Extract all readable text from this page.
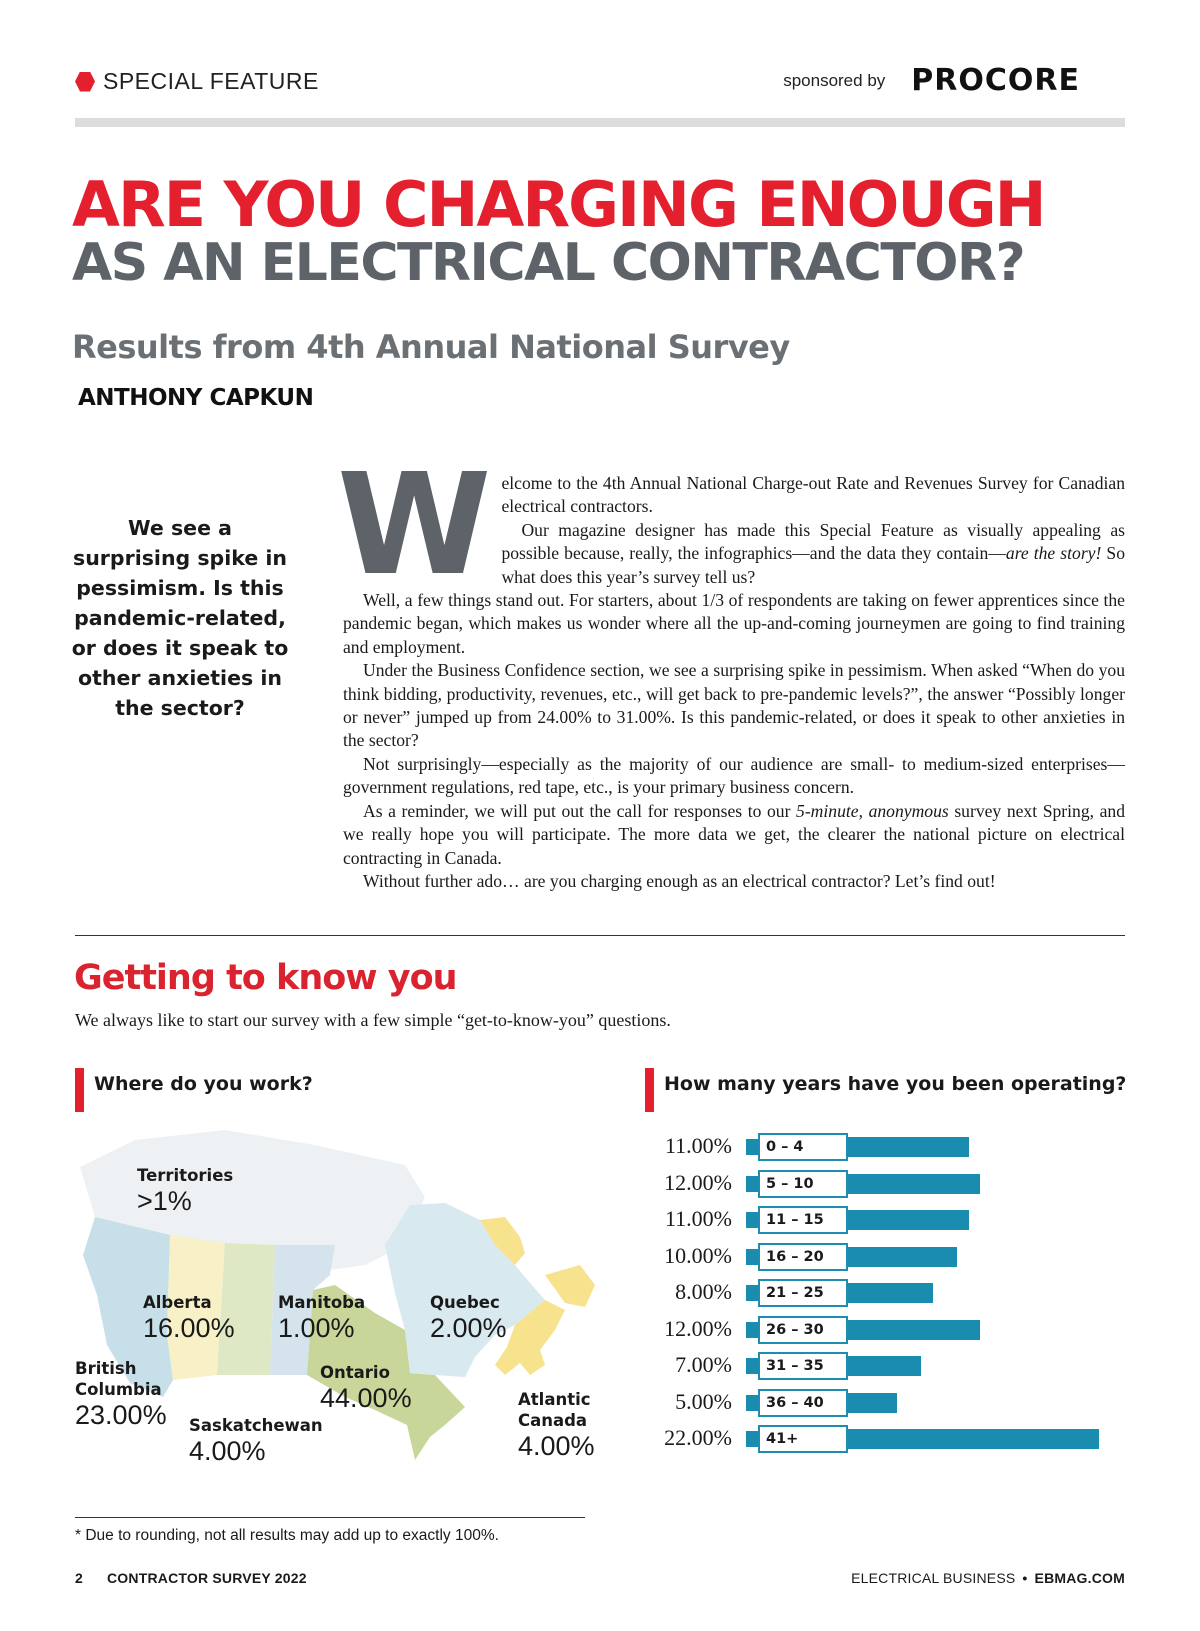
SPECIAL FEATURE	sponsored by PROCORE
ARE YOU CHARGING ENOUGH
AS AN ELECTRICAL CONTRACTOR?
Results from 4th Annual National Survey
ANTHONY CAPKUN
We see a surprising spike in pessimism. Is this pandemic-related, or does it speak to other anxieties in the sector?
W elcome to the 4th Annual National Charge-out Rate and Revenues Survey for Canadian electrical contractors.

Our magazine designer has made this Special Feature as visually appealing as possible because, really, the infographics—and the data they contain—are the story! So what does this year’s survey tell us?

Well, a few things stand out. For starters, about 1/3 of respondents are taking on fewer apprentices since the pandemic began, which makes us wonder where all the up-and-coming journeymen are going to find training and employment.

Under the Business Confidence section, we see a surprising spike in pessimism. When asked “When do you think bidding, productivity, revenues, etc., will get back to pre-pandemic levels?”, the answer “Possibly longer or never” jumped up from 24.00% to 31.00%. Is this pandemic-related, or does it speak to other anxieties in the sector?

Not surprisingly—especially as the majority of our audience are small- to medium-sized enterprises—government regulations, red tape, etc., is your primary business concern.

As a reminder, we will put out the call for responses to our 5-minute, anonymous survey next Spring, and we really hope you will participate. The more data we get, the clearer the national picture on electrical contracting in Canada.

Without further ado… are you charging enough as an electrical contractor? Let’s find out!

Getting to know you
We always like to start our survey with a few simple “get-to-know-you” questions.
Where do you work?
Territories
>1%
British Columbia
23.00%
Alberta
16.00%
Saskatchewan
4.00%
Manitoba
1.00%
Ontario
44.00%
Quebec
2.00%
Atlantic Canada
4.00%
How many years have you been operating?
11.00%	0 – 4
12.00%	5 – 10
11.00%	11 – 15
10.00%	16 – 20
8.00%	21 – 25
12.00%	26 – 30
7.00%	31 – 35
5.00%	36 – 40
22.00%	41+
* Due to rounding, not all results may add up to exactly 100%.
2 CONTRACTOR SURVEY 2022	ELECTRICAL BUSINESS • EBMAG.COM
